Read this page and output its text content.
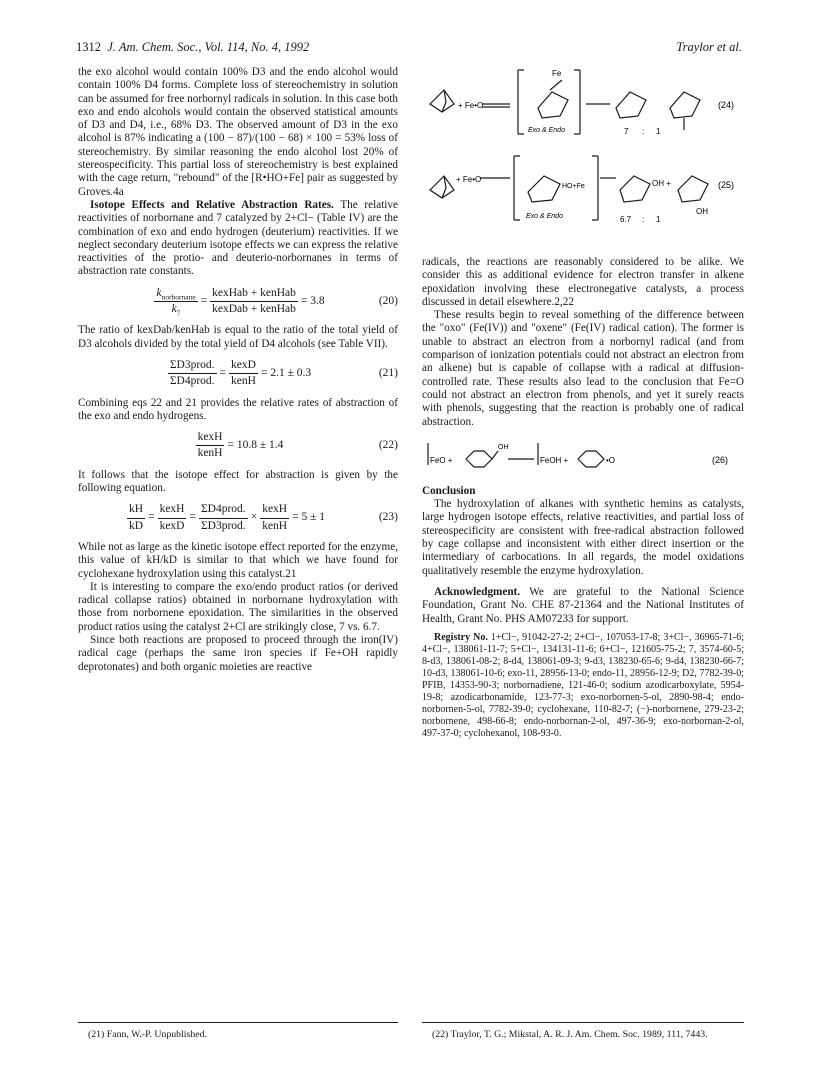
1312 J. Am. Chem. Soc., Vol. 114, No. 4, 1992	Traylor et al.

the exo alcohol would contain 100% D3 and the endo alcohol would contain 100% D4 forms. Complete loss of stereochemistry in solution can be assumed for free norbornyl radicals in solution. In this case both exo and endo alcohols would contain the observed statistical amounts of D3 and D4, i.e., 68% D3. The observed amount of D3 in the exo alcohol is 87% indicating a (100 − 87)/(100 − 68) × 100 = 53% loss of stereochemistry. By similar reasoning the endo alcohol lost 20% of stereospecificity. This partial loss of stereochemistry is best explained with the cage return, "rebound" of the [R•HO+Fe] pair as suggested by Groves.4a

Isotope Effects and Relative Abstraction Rates. The relative reactivities of norbornane and 7 catalyzed by 2+Cl− (Table IV) are the combination of exo and endo hydrogen (deuterium) reactivities. If we neglect secondary deuterium isotope effects we can express the relative reactivities of the protio- and deuterio-norbornanes in terms of abstraction rate constants.

$\frac{k_{norbornane}}{k_7} = \frac{\text{kexHab + kenHab}}{\text{kexDab + kenHab}} = 3.8$	(20)

The ratio of kexDab/kenHab is equal to the ratio of the total yield of D3 alcohols divided by the total yield of D4 alcohols (see Table VII).

$\frac{\text{ΣD3prod.}}{\text{ΣD4prod.}} = \frac{\text{kexD}}{\text{kenH}} = 2.1 \pm 0.3$	(21)

Combining eqs 22 and 21 provides the relative rates of abstraction of the exo and endo hydrogens.

$\frac{\text{kexH}}{\text{kenH}} = 10.8 \pm 1.4$	(22)

It follows that the isotope effect for abstraction is given by the following equation.

$\frac{kH}{kD} = \frac{\text{kexH}}{\text{kexD}} = \frac{\text{ΣD4prod.}}{\text{ΣD3prod.}} \times \frac{\text{kexH}}{\text{kenH}} = 5 \pm 1$	(23)

While not as large as the kinetic isotope effect reported for the enzyme, this value of kH/kD is similar to that which we have found for cyclohexane hydroxylation using this catalyst.21

It is interesting to compare the exo/endo product ratios (or derived radical collapse ratios) obtained in norbornane hydroxylation with those from norbornene epoxidation. The similarities in the observed product ratios using the catalyst 2+Cl are strikingly close, 7 vs. 6.7.

Since both reactions are proposed to proceed through the iron(IV) radical cage (perhaps the same iron species if Fe+OH rapidly deprotonates) and both organic moieties are reactive

+ Fe•O
Fe
Exo & Endo	7 : 1
(24)
+ Fe•O
HO+Fe
Exo & Endo
OH +
OH
6.7 : 1
(25)

radicals, the reactions are reasonably considered to be alike. We consider this as additional evidence for electron transfer in alkene epoxidation involving these electronegative catalysts, a process discussed in detail elsewhere.2,22

These results begin to reveal something of the difference between the "oxo" (Fe(IV)) and "oxene" (Fe(IV) radical cation). The former is unable to abstract an electron from a norbornyl radical (and from comparison of ionization potentials could not abstract an electron from an alkene) but is capable of collapse with a radical at diffusion-controlled rate. These results also lead to the conclusion that Fe=O could not abstract an electron from phenols, and yet it surely reacts with phenols, suggesting that the reaction is probably one of radical abstraction.

FeO +
OH
FeOH +	•O	(26)

Conclusion

The hydroxylation of alkanes with synthetic hemins as catalysts, large hydrogen isotope effects, relative reactivities, and partial loss of stereospecificity are consistent with free-radical abstraction followed by cage collapse and inconsistent with either direct insertion or the intermediary of carbocations. In all regards, the model oxidations qualitatively resemble the enzyme hydroxylation.

Acknowledgment. We are grateful to the National Science Foundation, Grant No. CHE 87-21364 and the National Institutes of Health, Grant No. PHS AM07233 for support.

Registry No. 1+Cl−, 91042-27-2; 2+Cl−, 107053-17-8; 3+Cl−, 36965-71-6; 4+Cl−, 138061-11-7; 5+Cl−, 134131-11-6; 6+Cl−, 121605-75-2; 7, 3574-60-5; 8-d3, 138061-08-2; 8-d4, 138061-09-3; 9-d3, 138230-65-6; 9-d4, 138230-66-7; 10-d3, 138061-10-6; exo-11, 28956-13-0; endo-11, 28956-12-9; D2, 7782-39-0; PFIB, 14353-90-3; norbornadiene, 121-46-0; sodium azodicarboxylate, 5954-19-8; azodicarbonamide, 123-77-3; exo-norbornen-5-ol, 2890-98-4; endo-norbornen-5-ol, 7782-39-0; cyclohexane, 110-82-7; (−)-norbornene, 279-23-2; norbornene, 498-66-8; endo-norbornan-2-ol, 497-36-9; exo-norbornan-2-ol, 497-37-0; cyclohexanol, 108-93-0.

(21) Fann, W.-P. Unpublished.	(22) Traylor, T. G.; Mikstal, A. R. J. Am. Chem. Soc. 1989, 111, 7443.
